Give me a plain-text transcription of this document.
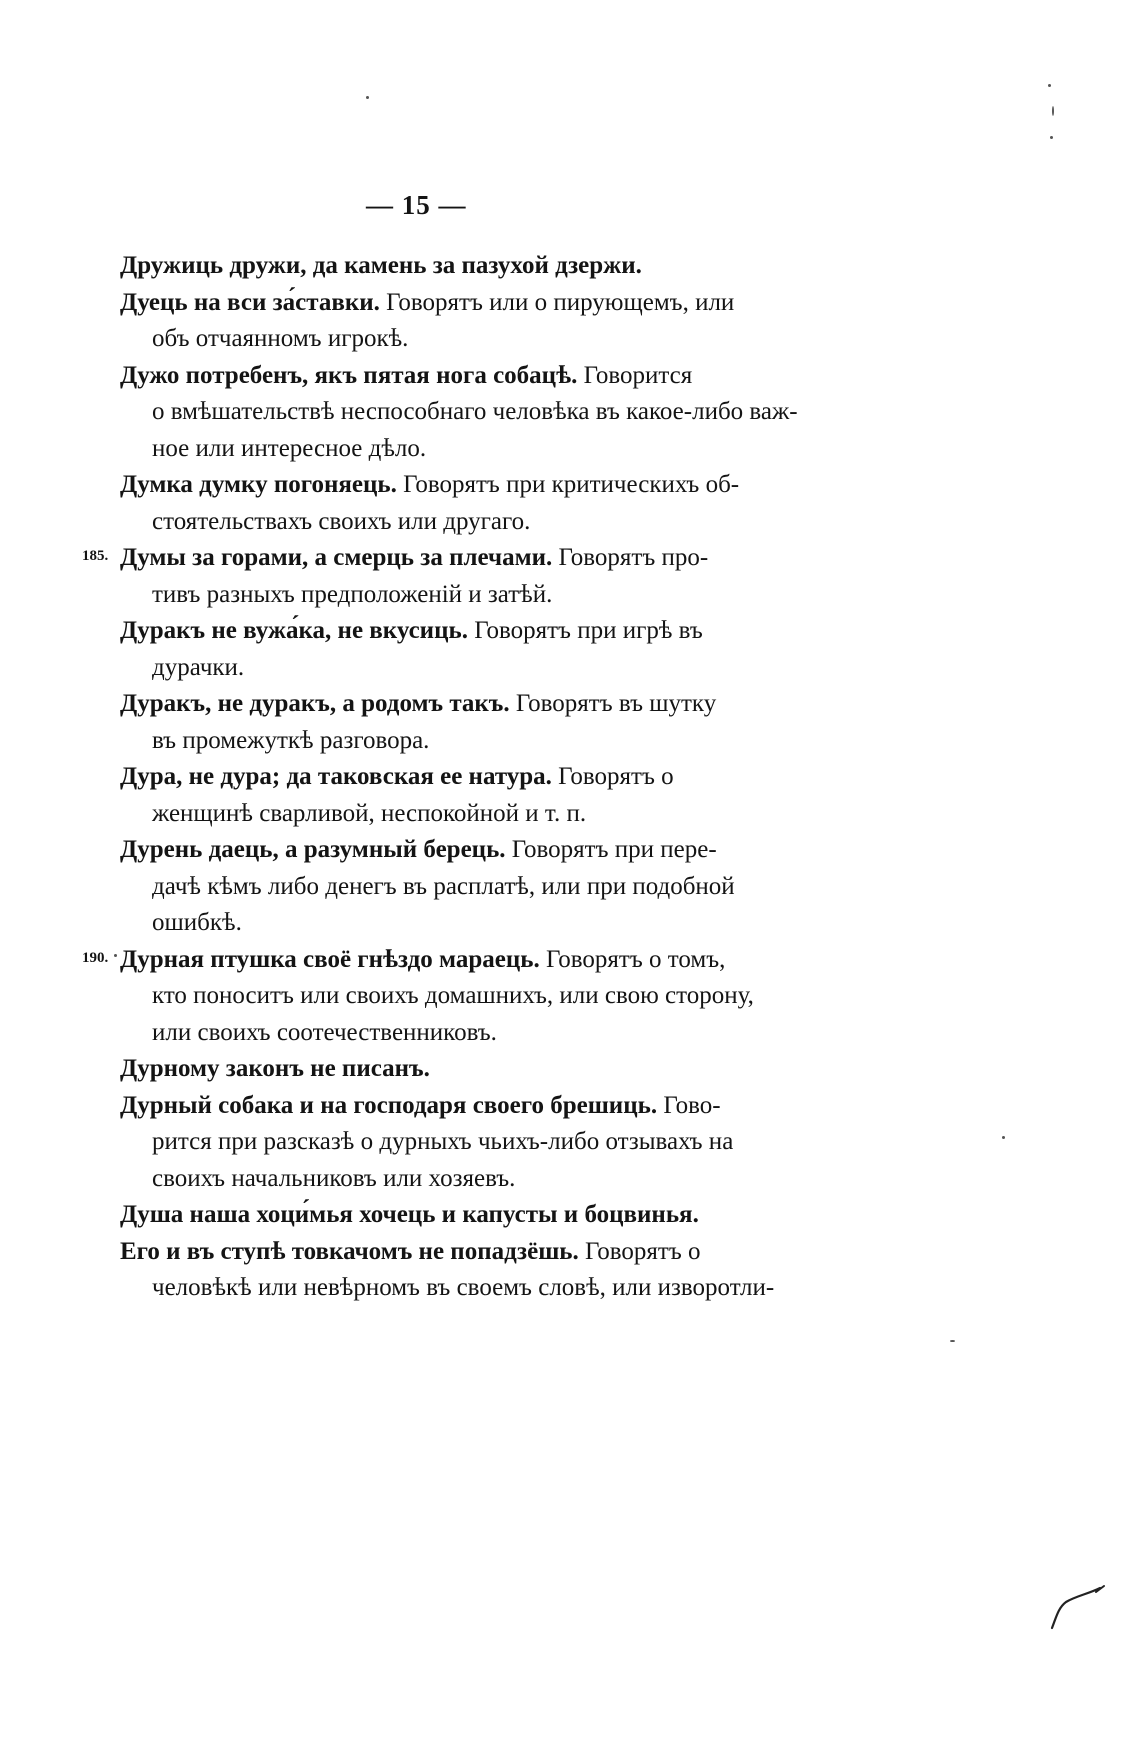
— 15 —
Дружиць дружи, да камень за пазухой дзержи.
Дуець на вси за́ставки. Говорятъ или о пирующемъ, или
объ отчаянномъ игрокѣ.
Дужо потребенъ, якъ пятая нога собацѣ. Говорится
о вмѣшательствѣ неспособнаго человѣка въ какое-либо важ-
ное или интересное дѣло.
Думка думку погоняець. Говорятъ при критическихъ об-
стоятельствахъ своихъ или другаго.
185. Думы за горами, а смерць за плечами. Говорятъ про-
тивъ разныхъ предположеній и затѣй.
Дуракъ не вужа́ка, не вкусиць. Говорятъ при игрѣ въ
дурачки.
Дуракъ, не дуракъ, а родомъ такъ. Говорятъ въ шутку
въ промежуткѣ разговора.
Дура, не дура; да таковская ее натура. Говорятъ о
женщинѣ сварливой, неспокойной и т. п.
Дурень даець, а разумный берець. Говорятъ при пере-
дачѣ кѣмъ либо денегъ въ расплатѣ, или при подобной
ошибкѣ.
190. Дурная птушка своё гнѣздо мараець. Говорятъ о томъ,
кто поноситъ или своихъ домашнихъ, или свою сторону,
или своихъ соотечественниковъ.
Дурному законъ не писанъ.
Дурный собака и на господаря своего брешиць. Гово-
рится при разсказѣ о дурныхъ чьихъ-либо отзывахъ на
своихъ начальниковъ или хозяевъ.
Душа наша хоци́мья хочець и капусты и боцвинья.
Его и въ ступѣ товкачомъ не попадзёшь. Говорятъ о
человѣкѣ или невѣрномъ въ своемъ словѣ, или изворотли-
